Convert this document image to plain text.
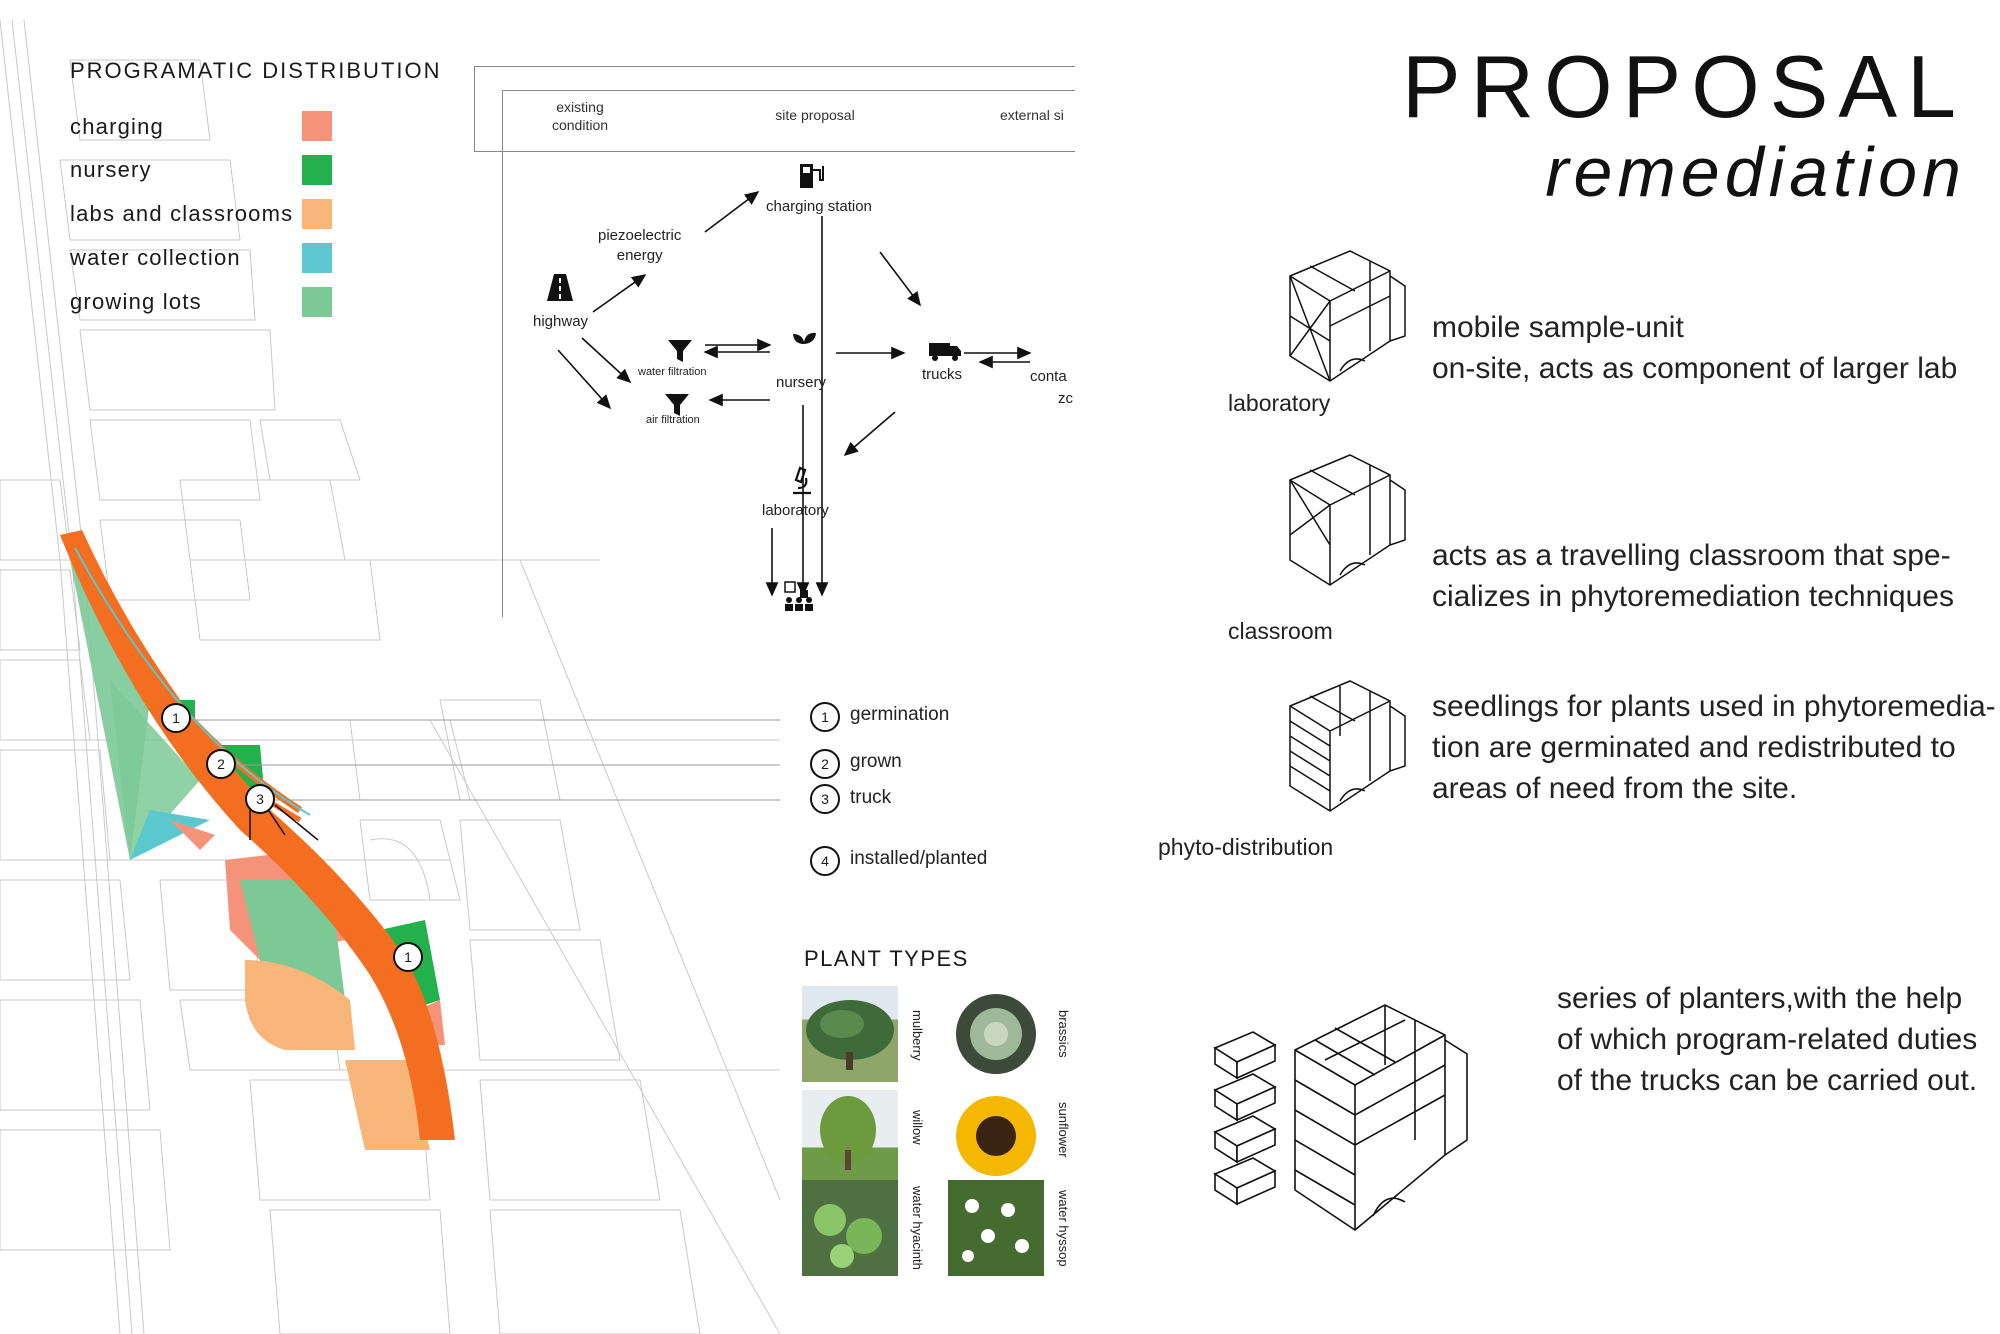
1
2
3
1
PROGRAMATIC DISTRIBUTION
charging
nursery
labs and classrooms
water collection
growing lots
existing
condition
site proposal	external si
charging station
piezoelectric
energy
highway
water filtration
air filtration
nursery	trucks	conta
zc
laboratory
1	germination
2	grown
3	truck
4	installed/planted
PLANT TYPES
mulberry	brassics
willow	sunflower
water hyacinth	water hyssop
PROPOSAL
remediation
laboratory
mobile sample-unit
on-site, acts as component of larger lab
classroom
acts as a travelling classroom that spe-
cializes in phytoremediation techniques
phyto-distribution
seedlings for plants used in phytoremedia-
tion are germinated and redistributed to
areas of need from the site.
series of planters,with the help
of which program-related duties
of the trucks can be carried out.
